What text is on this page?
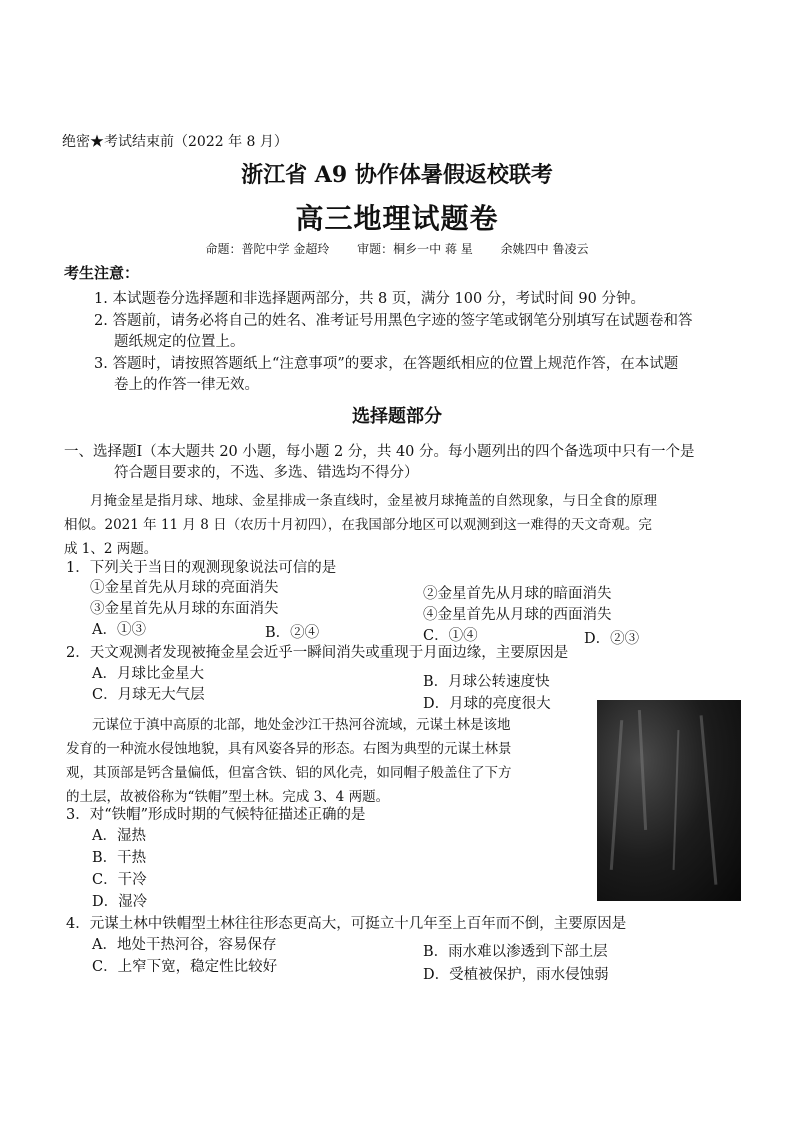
绝密★考试结束前（2022 年 8 月）
浙江省 A9 协作体暑假返校联考
高三地理试题卷
命题：普陀中学 金超玲 审题：桐乡一中 蒋 星 余姚四中 鲁凌云
考生注意：
1. 本试题卷分选择题和非选择题两部分，共 8 页，满分 100 分，考试时间 90 分钟。
2. 答题前，请务必将自己的姓名、准考证号用黑色字迹的签字笔或钢笔分别填写在试题卷和答
题纸规定的位置上。
3. 答题时，请按照答题纸上“注意事项”的要求，在答题纸相应的位置上规范作答，在本试题
卷上的作答一律无效。
选择题部分
一、选择题Ⅰ（本大题共 20 小题，每小题 2 分，共 40 分。每小题列出的四个备选项中只有一个是
符合题目要求的，不选、多选、错选均不得分）
月掩金星是指月球、地球、金星排成一条直线时，金星被月球掩盖的自然现象，与日全食的原理
相似。2021 年 11 月 8 日（农历十月初四），在我国部分地区可以观测到这一难得的天文奇观。完
成 1、2 两题。
1．下列关于当日的观测现象说法可信的是
①金星首先从月球的亮面消失	②金星首先从月球的暗面消失
③金星首先从月球的东面消失	④金星首先从月球的西面消失
A．①③	B．②④	C．①④	D．②③
2．天文观测者发现被掩金星会近乎一瞬间消失或重现于月面边缘，主要原因是
A．月球比金星大	B．月球公转速度快
C．月球无大气层
D．月球的亮度很大
元谋位于滇中高原的北部，地处金沙江干热河谷流域，元谋土林是该地
发育的一种流水侵蚀地貌，具有风姿各异的形态。右图为典型的元谋土林景
观，其顶部是钙含量偏低，但富含铁、铝的风化壳，如同帽子般盖住了下方
的土层，故被俗称为“铁帽”型土林。完成 3、4 两题。
3．对“铁帽”形成时期的气候特征描述正确的是
A．湿热
B．干热
C．干冷
D．湿冷
4．元谋土林中铁帽型土林往往形态更高大，可挺立十几年至上百年而不倒，主要原因是
A．地处干热河谷，容易保存	B．雨水难以渗透到下部土层
C．上窄下宽，稳定性比较好	D．受植被保护，雨水侵蚀弱
